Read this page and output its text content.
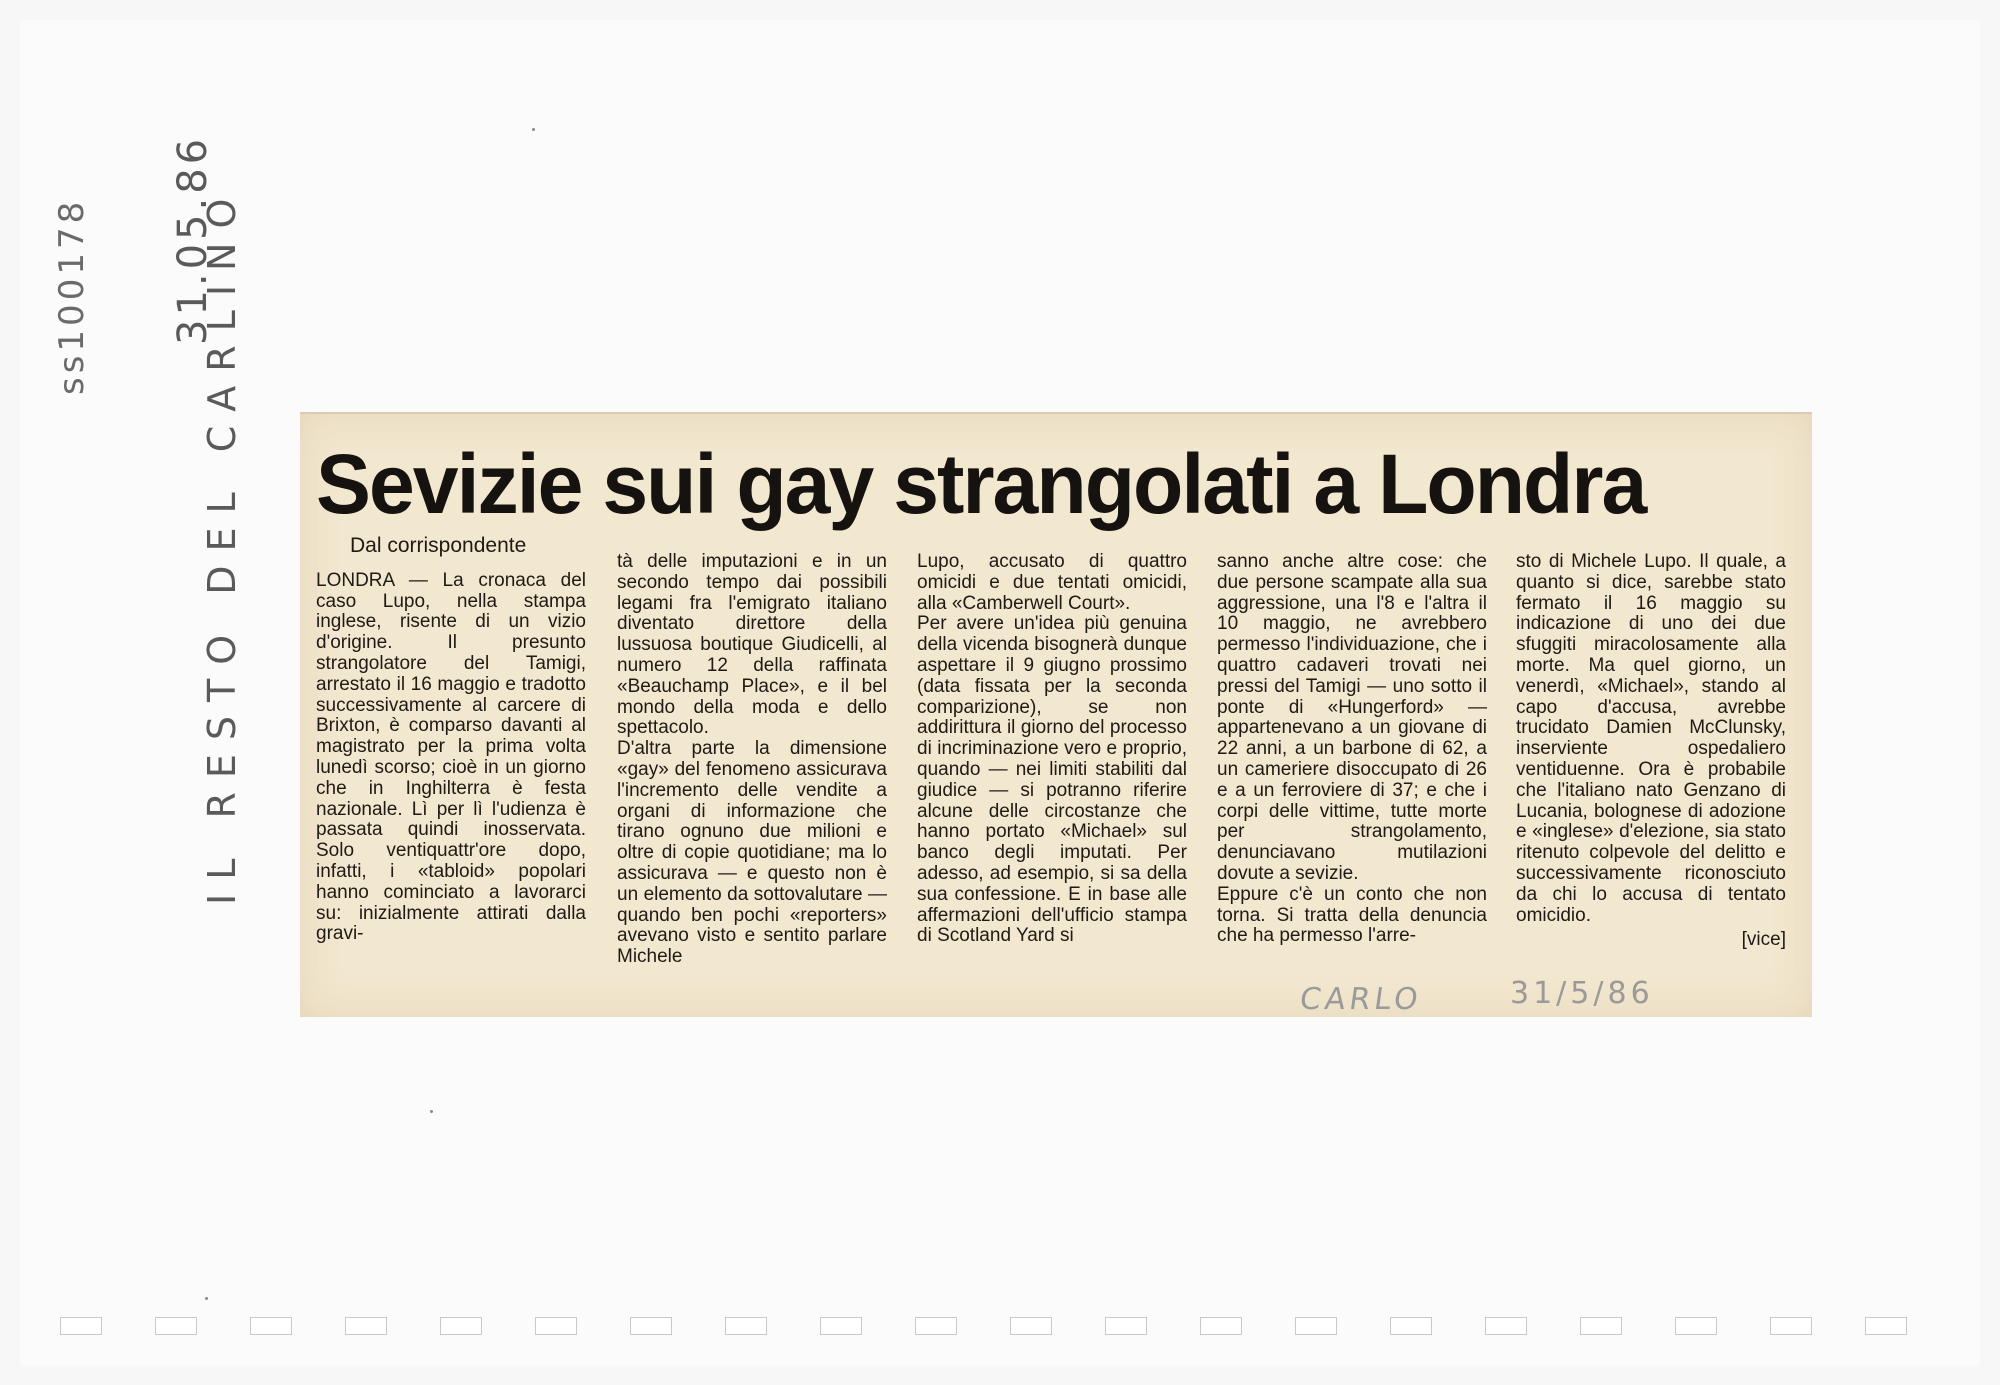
ss100178 31.05.86
IL RESTO DEL CARLINO Sevizie sui gay strangolati a Londra

Dal corrispondente

LONDRA — La cronaca del caso Lupo, nella stampa inglese, risente di un vizio d'origine. Il presunto strangolatore del Tamigi, arrestato il 16 maggio e tradotto successivamente al carcere di Brixton, è comparso davanti al magistrato per la prima volta lunedì scorso; cioè in un giorno che in Inghilterra è festa nazionale. Lì per lì l'udienza è passata quindi inosservata. Solo ventiquattr'ore dopo, infatti, i «tabloid» popolari hanno cominciato a lavorarci su: inizialmente attirati dalla gravi-

tà delle imputazioni e in un secondo tempo dai possibili legami fra l'emigrato italiano diventato direttore della lussuosa boutique Giudicelli, al numero 12 della raffinata «Beauchamp Place», e il bel mondo della moda e dello spettacolo.
D'altra parte la dimensione «gay» del fenomeno assicurava l'incremento delle vendite a organi di informazione che tirano ognuno due milioni e oltre di copie quotidiane; ma lo assicurava — e questo non è un elemento da sottovalutare — quando ben pochi «reporters» avevano visto e sentito parlare Michele

Lupo, accusato di quattro omicidi e due tentati omicidi, alla «Camberwell Court».
Per avere un'idea più genuina della vicenda bisognerà dunque aspettare il 9 giugno prossimo (data fissata per la seconda comparizione), se non addirittura il giorno del processo di incriminazione vero e proprio, quando — nei limiti stabiliti dal giudice — si potranno riferire alcune delle circostanze che hanno portato «Michael» sul banco degli imputati. Per adesso, ad esempio, si sa della sua confessione. E in base alle affermazioni dell'ufficio stampa di Scotland Yard si

sanno anche altre cose: che due persone scampate alla sua aggressione, una l'8 e l'altra il 10 maggio, ne avrebbero permesso l'individuazione, che i quattro cadaveri trovati nei pressi del Tamigi — uno sotto il ponte di «Hungerford» — appartenevano a un giovane di 22 anni, a un barbone di 62, a un cameriere disoccupato di 26 e a un ferroviere di 37; e che i corpi delle vittime, tutte morte per strangolamento, denunciavano mutilazioni dovute a sevizie.
Eppure c'è un conto che non torna. Si tratta della denuncia che ha permesso l'arre-

sto di Michele Lupo. Il quale, a quanto si dice, sarebbe stato fermato il 16 maggio su indicazione di uno dei due sfuggiti miracolosamente alla morte. Ma quel giorno, un venerdì, «Michael», stando al capo d'accusa, avrebbe trucidato Damien McClunsky, inserviente ospedaliero ventiduenne. Ora è probabile che l'italiano nato Genzano di Lucania, bolognese di adozione e «inglese» d'elezione, sia stato ritenuto colpevole del delitto e successivamente riconosciuto da chi lo accusa di tentato omicidio.

[vice]

CARLO	31/5/86
